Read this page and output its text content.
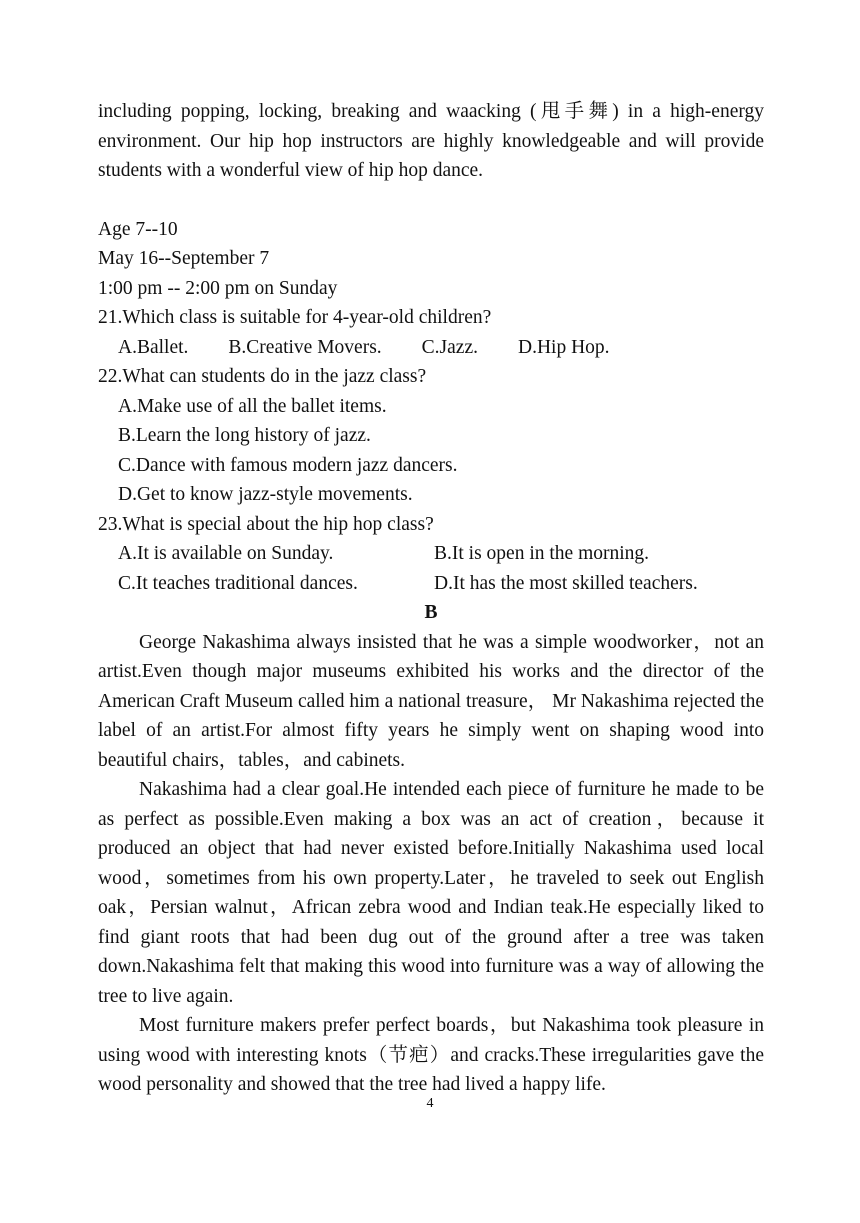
including popping, locking, breaking and waacking (甩手舞) in a high-energy environment. Our hip hop instructors are highly knowledgeable and will provide students with a wonderful view of hip hop dance.

Age 7--10

May 16--September 7

1:00 pm -- 2:00 pm on Sunday

21.Which class is suitable for 4-year-old children?

A.Ballet. B.Creative Movers. C.Jazz. D.Hip Hop.

22.What can students do in the jazz class?

A.Make use of all the ballet items.
B.Learn the long history of jazz.
C.Dance with famous modern jazz dancers.
D.Get to know jazz-style movements.

23.What is special about the hip hop class?

A.It is available on Sunday.	B.It is open in the morning.
C.It teaches traditional dances.	D.It has the most skilled teachers.

B

George Nakashima always insisted that he was a simple woodworker，not an artist.Even though major museums exhibited his works and the director of the American Craft Museum called him a national treasure， Mr Nakashima rejected the label of an artist.For almost fifty years he simply went on shaping wood into beautiful chairs，tables，and cabinets.

Nakashima had a clear goal.He intended each piece of furniture he made to be as perfect as possible.Even making a box was an act of creation，because it produced an object that had never existed before.Initially Nakashima used local wood，sometimes from his own property.Later，he traveled to seek out English oak，Persian walnut，African zebra wood and Indian teak.He especially liked to find giant roots that had been dug out of the ground after a tree was taken down.Nakashima felt that making this wood into furniture was a way of allowing the tree to live again.

Most furniture makers prefer perfect boards，but Nakashima took pleasure in using wood with interesting knots（节疤）and cracks.These irregularities gave the wood personality and showed that the tree had lived a happy life.

4
